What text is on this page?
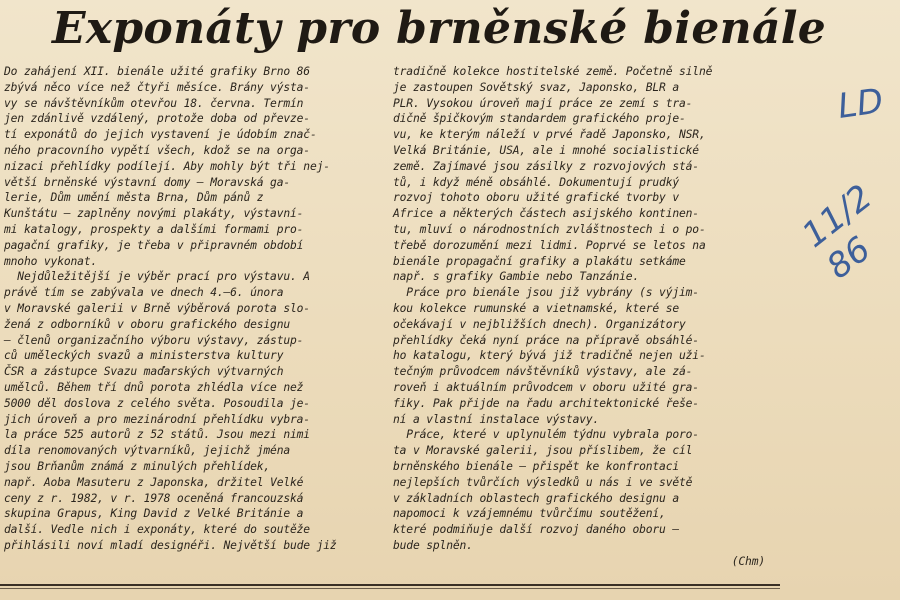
Exponáty pro brněnské bienále
Do zahájení XII. bienále užité grafiky Brno 86
zbývá něco více než čtyři měsíce. Brány výsta-
vy se návštěvníkům otevřou 18. června. Termín
jen zdánlivě vzdálený, protože doba od převze-
tí exponátů do jejich vystavení je údobím znač-
ného pracovního vypětí všech, kdož se na orga-
nizaci přehlídky podílejí. Aby mohly být tři nej-
větší brněnské výstavní domy — Moravská ga-
lerie, Dům umění města Brna, Dům pánů z
Kunštátu — zaplněny novými plakáty, výstavní-
mi katalogy, prospekty a dalšími formami pro-
pagační grafiky, je třeba v připravném období
mnoho vykonat.
Nejdůležitější je výběr prací pro výstavu. A
právě tím se zabývala ve dnech 4.—6. února
v Moravské galerii v Brně výběrová porota slo-
žená z odborníků v oboru grafického designu
— členů organizačního výboru výstavy, zástup-
ců uměleckých svazů a ministerstva kultury
ČSR a zástupce Svazu maďarských výtvarných
umělců. Během tří dnů porota zhlédla více než
5000 děl doslova z celého světa. Posoudila je-
jich úroveň a pro mezinárodní přehlídku vybra-
la práce 525 autorů z 52 států. Jsou mezi nimi
díla renomovaných výtvarníků, jejichž jména
jsou Brňanům známá z minulých přehlídek,
např. Aoba Masuteru z Japonska, držitel Velké
ceny z r. 1982, v r. 1978 oceněná francouzská
skupina Grapus, King David z Velké Británie a
další. Vedle nich i exponáty, které do soutěže
přihlásili noví mladí designéři. Největší bude již
tradičně kolekce hostitelské země. Početně silně
je zastoupen Sovětský svaz, Japonsko, BLR a
PLR. Vysokou úroveň mají práce ze zemí s tra-
dičně špičkovým standardem grafického proje-
vu, ke kterým náleží v prvé řadě Japonsko, NSR,
Velká Británie, USA, ale i mnohé socialistické
země. Zajímavé jsou zásilky z rozvojových stá-
tů, i když méně obsáhlé. Dokumentují prudký
rozvoj tohoto oboru užité grafické tvorby v
Africe a některých částech asijského kontinen-
tu, mluví o národnostních zvláštnostech i o po-
třebě dorozumění mezi lidmi. Poprvé se letos na
bienále propagační grafiky a plakátu setkáme
např. s grafiky Gambie nebo Tanzánie.
Práce pro bienále jsou již vybrány (s výjim-
kou kolekce rumunské a vietnamské, které se
očekávají v nejbližších dnech). Organizátory
přehlídky čeká nyní práce na přípravě obsáhlé-
ho katalogu, který bývá již tradičně nejen uži-
tečným průvodcem návštěvníků výstavy, ale zá-
roveň i aktuálním průvodcem v oboru užité gra-
fiky. Pak přijde na řadu architektonické řeše-
ní a vlastní instalace výstavy.
Práce, které v uplynulém týdnu vybrala poro-
ta v Moravské galerii, jsou příslibem, že cíl
brněnského bienále — přispět ke konfrontaci
nejlepších tvůrčích výsledků u nás i ve světě
v základních oblastech grafického designu a
napomoci k vzájemnému tvůrčímu soutěžení,
které podmiňuje další rozvoj daného oboru —
bude splněn.
(Chm)
LD
11/2 86
